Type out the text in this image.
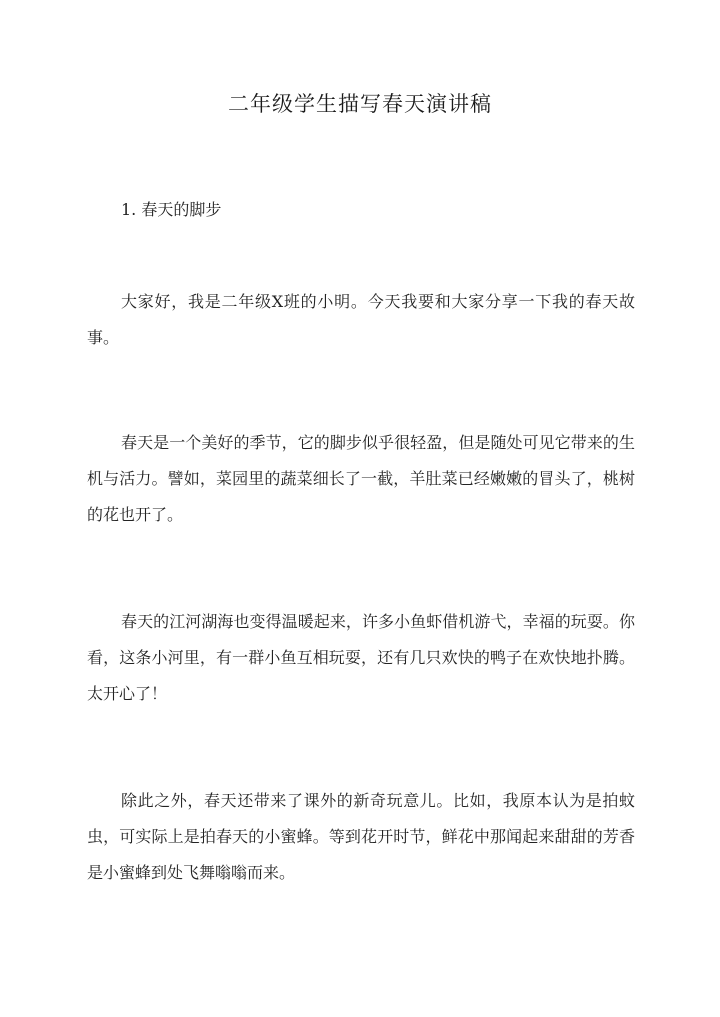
二年级学生描写春天演讲稿
1. 春天的脚步

大家好，我是二年级X班的小明。今天我要和大家分享一下我的春天故事。

春天是一个美好的季节，它的脚步似乎很轻盈，但是随处可见它带来的生机与活力。譬如，菜园里的蔬菜细长了一截，羊肚菜已经嫩嫩的冒头了，桃树的花也开了。

春天的江河湖海也变得温暖起来，许多小鱼虾借机游弋，幸福的玩耍。你看，这条小河里，有一群小鱼互相玩耍，还有几只欢快的鸭子在欢快地扑腾。太开心了！

除此之外，春天还带来了课外的新奇玩意儿。比如，我原本认为是拍蚊虫，可实际上是拍春天的小蜜蜂。等到花开时节，鲜花中那闻起来甜甜的芳香是小蜜蜂到处飞舞嗡嗡而来。
